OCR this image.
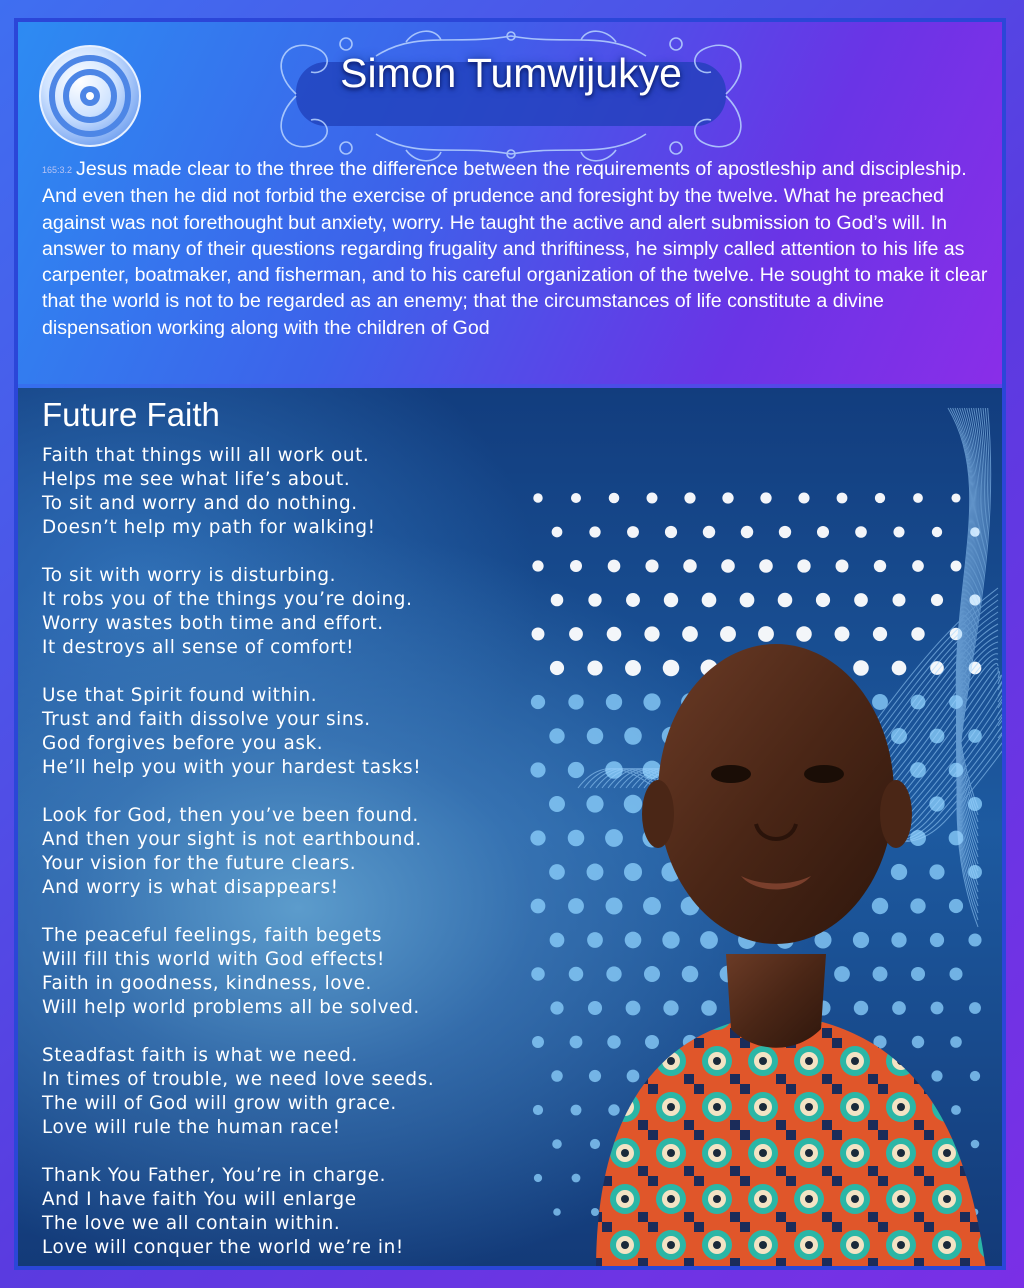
Simon Tumwijukye

165:3.2 Jesus made clear to the three the difference between the requirements of apostleship and discipleship. And even then he did not forbid the exercise of prudence and foresight by the twelve. What he preached against was not forethought but anxiety, worry. He taught the active and alert submission to God’s will. In answer to many of their questions regarding frugality and thriftiness, he simply called attention to his life as carpenter, boatmaker, and fisherman, and to his careful organization of the twelve. He sought to make it clear that the world is not to be regarded as an enemy; that the circumstances of life constitute a divine dispensation working along with the children of God

Future Faith
Faith that things will all work out.
Helps me see what life’s about.
To sit and worry and do nothing.
Doesn’t help my path for walking!
To sit with worry is disturbing.
It robs you of the things you’re doing.
Worry wastes both time and effort.
It destroys all sense of comfort!
Use that Spirit found within.
Trust and faith dissolve your sins.
God forgives before you ask.
He’ll help you with your hardest tasks!
Look for God, then you’ve been found.
And then your sight is not earthbound.
Your vision for the future clears.
And worry is what disappears!
The peaceful feelings, faith begets
Will fill this world with God effects!
Faith in goodness, kindness, love.
Will help world problems all be solved.
Steadfast faith is what we need.
In times of trouble, we need love seeds.
The will of God will grow with grace.
Love will rule the human race!
Thank You Father, You’re in charge.
And I have faith You will enlarge
The love we all contain within.
Love will conquer the world we’re in!
